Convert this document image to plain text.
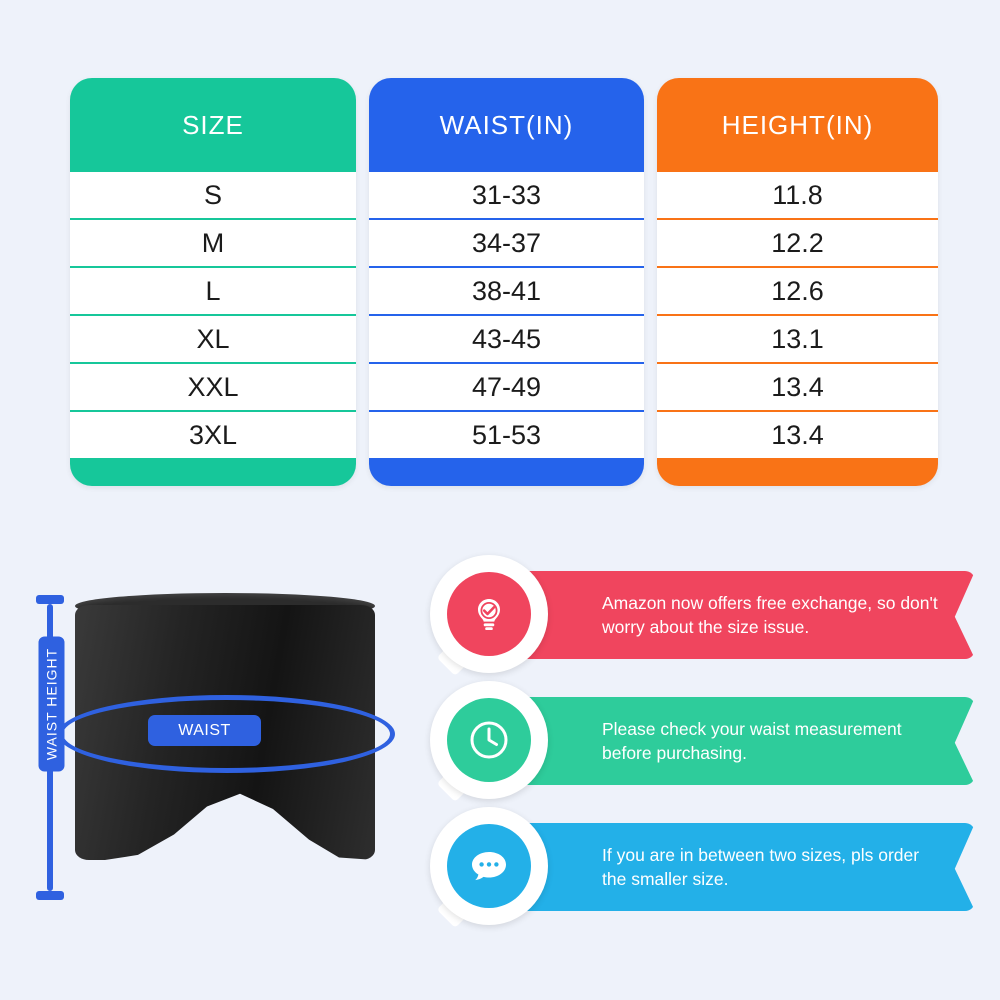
SIZE
S
M
L
XL
XXL
3XL
WAIST(IN)
31-33
34-37
38-41
43-45
47-49
51-53
HEIGHT(IN)
11.8
12.2
12.6
13.1
13.4
13.4
WAIST
WAIST HEIGHT
Amazon now offers free exchange, so don't worry about the size issue.
Please check your waist measurement before purchasing.
If you are in between two sizes, pls order the smaller size.
